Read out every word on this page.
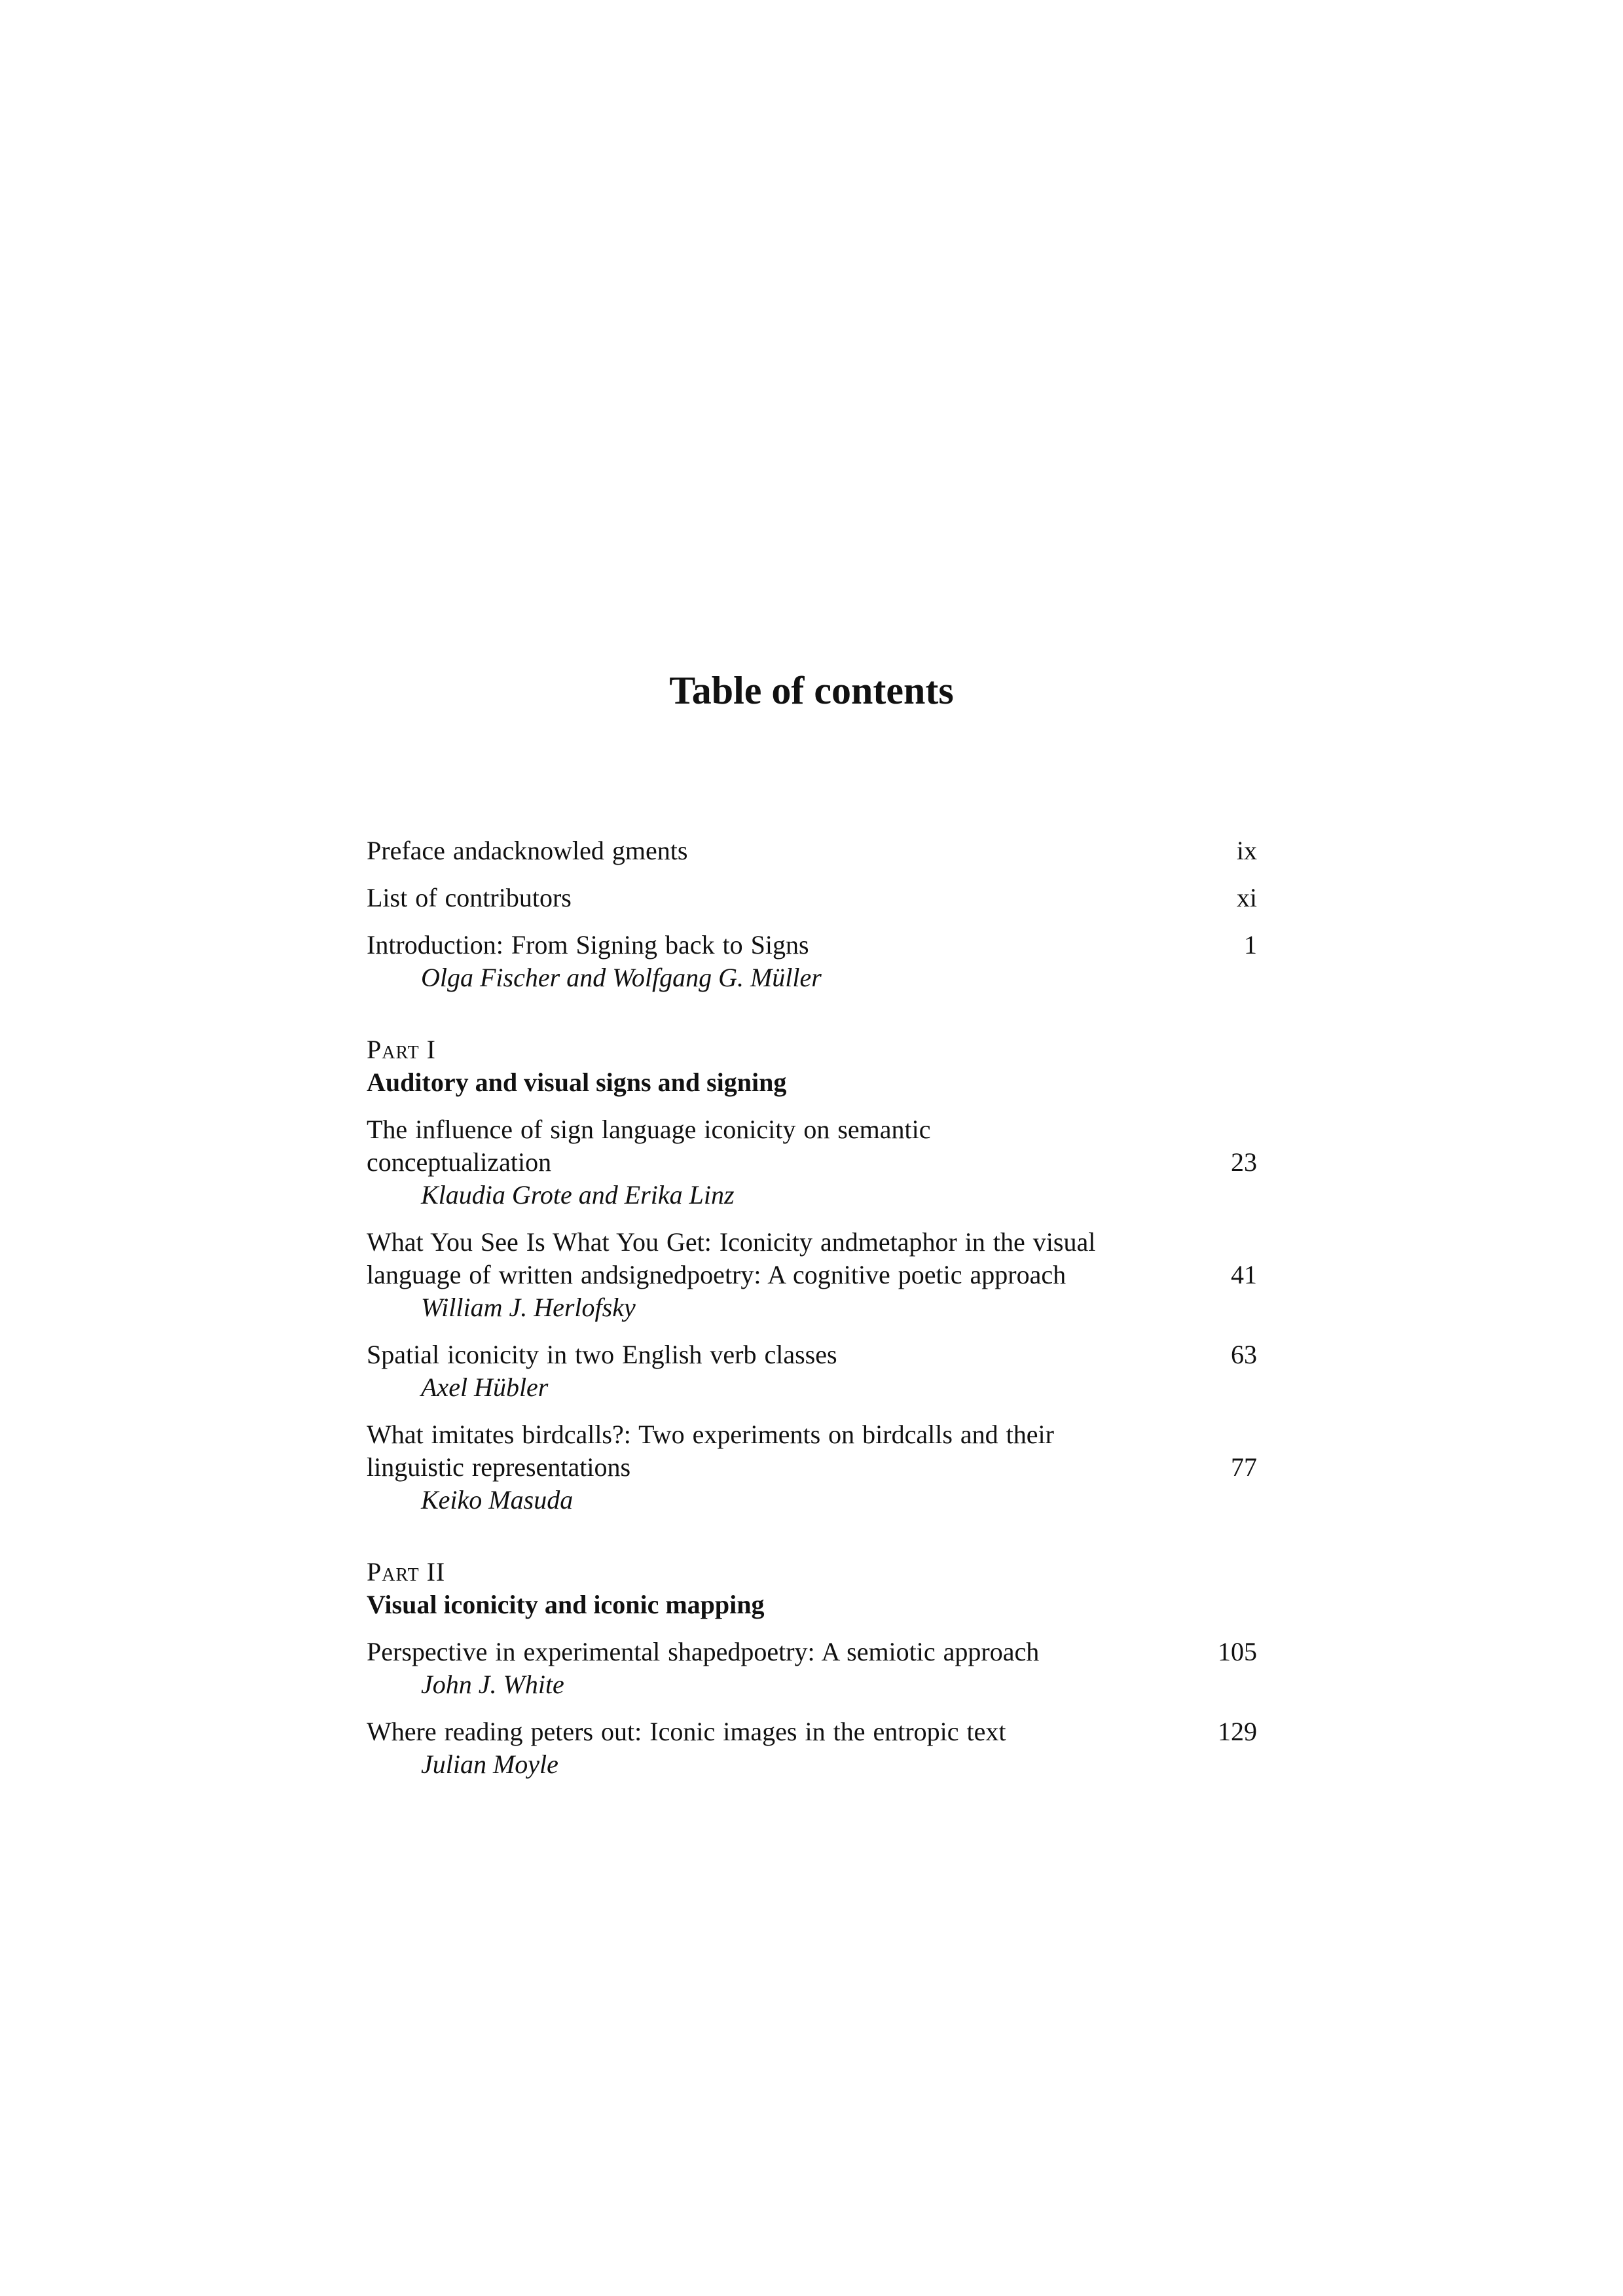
Table of contents
ix
Preface andacknowled gments
xi
List of contributors
1
Introduction: From Signing back to Signs
Olga Fischer and Wolfgang G. Müller
Part I
Auditory and visual signs and signing
23
The influence of sign language iconicity on semantic
conceptualization
Klaudia Grote and Erika Linz
41
What You See Is What You Get: Iconicity andmetaphor in the visual
language of written andsignedpoetry: A cognitive poetic approach
William J. Herlofsky
63
Spatial iconicity in two English verb classes
Axel Hübler
77
What imitates birdcalls?: Two experiments on birdcalls and their
linguistic representations
Keiko Masuda
Part II
Visual iconicity and iconic mapping
105
Perspective in experimental shapedpoetry: A semiotic approach
John J. White
129
Where reading peters out: Iconic images in the entropic text
Julian Moyle
